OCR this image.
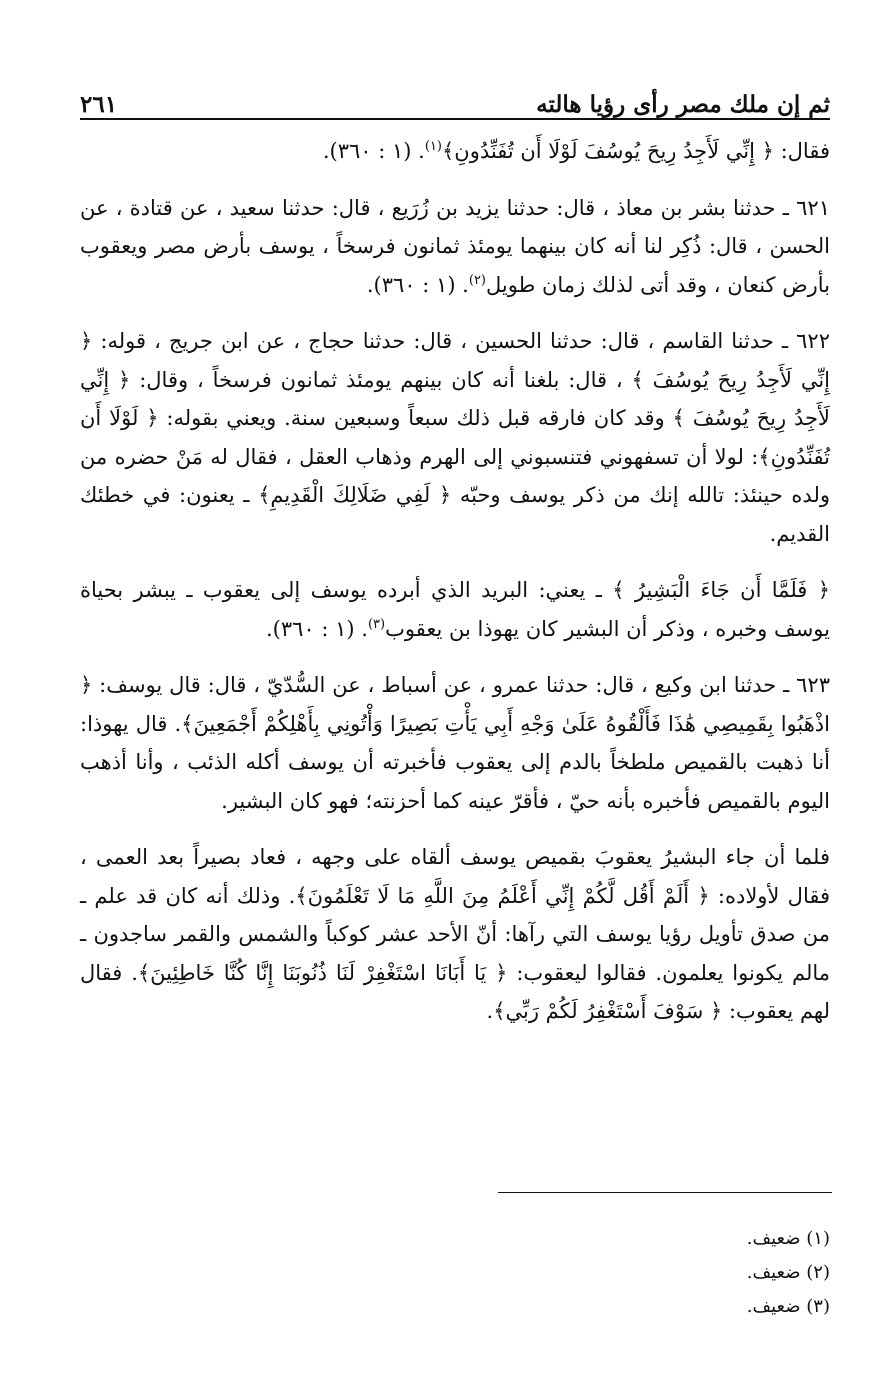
ثم إن ملك مصر رأى رؤيا هالته
٢٦١

فقال: ﴿ إِنِّي لَأَجِدُ رِيحَ يُوسُفَ لَوْلَا أَن تُفَنِّدُونِ﴾$^{(١)}$. (١ : ٣٦٠).

٦٢١ ـ حدثنا بشر بن معاذ ، قال: حدثنا يزيد بن زُرَيع ، قال: حدثنا سعيد ، عن قتادة ، عن الحسن ، قال: ذُكِر لنا أنه كان بينهما يومئذ ثمانون فرسخاً ، يوسف بأرض مصر ويعقوب بأرض كنعان ، وقد أتى لذلك زمان طويل$^{(٢)}$. (١ : ٣٦٠).

٦٢٢ ـ حدثنا القاسم ، قال: حدثنا الحسين ، قال: حدثنا حجاج ، عن ابن جريج ، قوله: ﴿ إِنِّي لَأَجِدُ رِيحَ يُوسُفَ ﴾ ، قال: بلغنا أنه كان بينهم يومئذ ثمانون فرسخاً ، وقال: ﴿ إِنِّي لَأَجِدُ رِيحَ يُوسُفَ ﴾ وقد كان فارقه قبل ذلك سبعاً وسبعين سنة. ويعني بقوله: ﴿ لَوْلَا أَن تُفَنِّدُونِ﴾: لولا أن تسفهوني فتنسبوني إلى الهرم وذهاب العقل ، فقال له مَنْ حضره من ولده حينئذ: تالله إنك من ذكر يوسف وحبّه ﴿ لَفِي ضَلَالِكَ الْقَدِيمِ﴾ ـ يعنون: في خطئك القديم.

﴿ فَلَمَّا أَن جَاءَ الْبَشِيرُ ﴾ ـ يعني: البريد الذي أبرده يوسف إلى يعقوب ـ يبشر بحياة يوسف وخبره ، وذكر أن البشير كان يهوذا بن يعقوب$^{(٣)}$. (١ : ٣٦٠).

٦٢٣ ـ حدثنا ابن وكيع ، قال: حدثنا عمرو ، عن أسباط ، عن السُّدّيّ ، قال: قال يوسف: ﴿ اذْهَبُوا بِقَمِيصِي هَٰذَا فَأَلْقُوهُ عَلَىٰ وَجْهِ أَبِي يَأْتِ بَصِيرًا وَأْتُونِي بِأَهْلِكُمْ أَجْمَعِينَ﴾. قال يهوذا: أنا ذهبت بالقميص ملطخاً بالدم إلى يعقوب فأخبرته أن يوسف أكله الذئب ، وأنا أذهب اليوم بالقميص فأخبره بأنه حيّ ، فأقرّ عينه كما أحزنته؛ فهو كان البشير.

فلما أن جاء البشيرُ يعقوبَ بقميص يوسف ألقاه على وجهه ، فعاد بصيراً بعد العمى ، فقال لأولاده: ﴿ أَلَمْ أَقُل لَّكُمْ إِنِّي أَعْلَمُ مِنَ اللَّهِ مَا لَا تَعْلَمُونَ﴾. وذلك أنه كان قد علم ـ من صدق تأويل رؤيا يوسف التي رآها: أنّ الأحد عشر كوكباً والشمس والقمر ساجدون ـ مالم يكونوا يعلمون. فقالوا ليعقوب: ﴿ يَا أَبَانَا اسْتَغْفِرْ لَنَا ذُنُوبَنَا إِنَّا كُنَّا خَاطِئِينَ﴾. فقال لهم يعقوب: ﴿ سَوْفَ أَسْتَغْفِرُ لَكُمْ رَبِّي﴾.

(١) ضعيف.

(٢) ضعيف.

(٣) ضعيف.
